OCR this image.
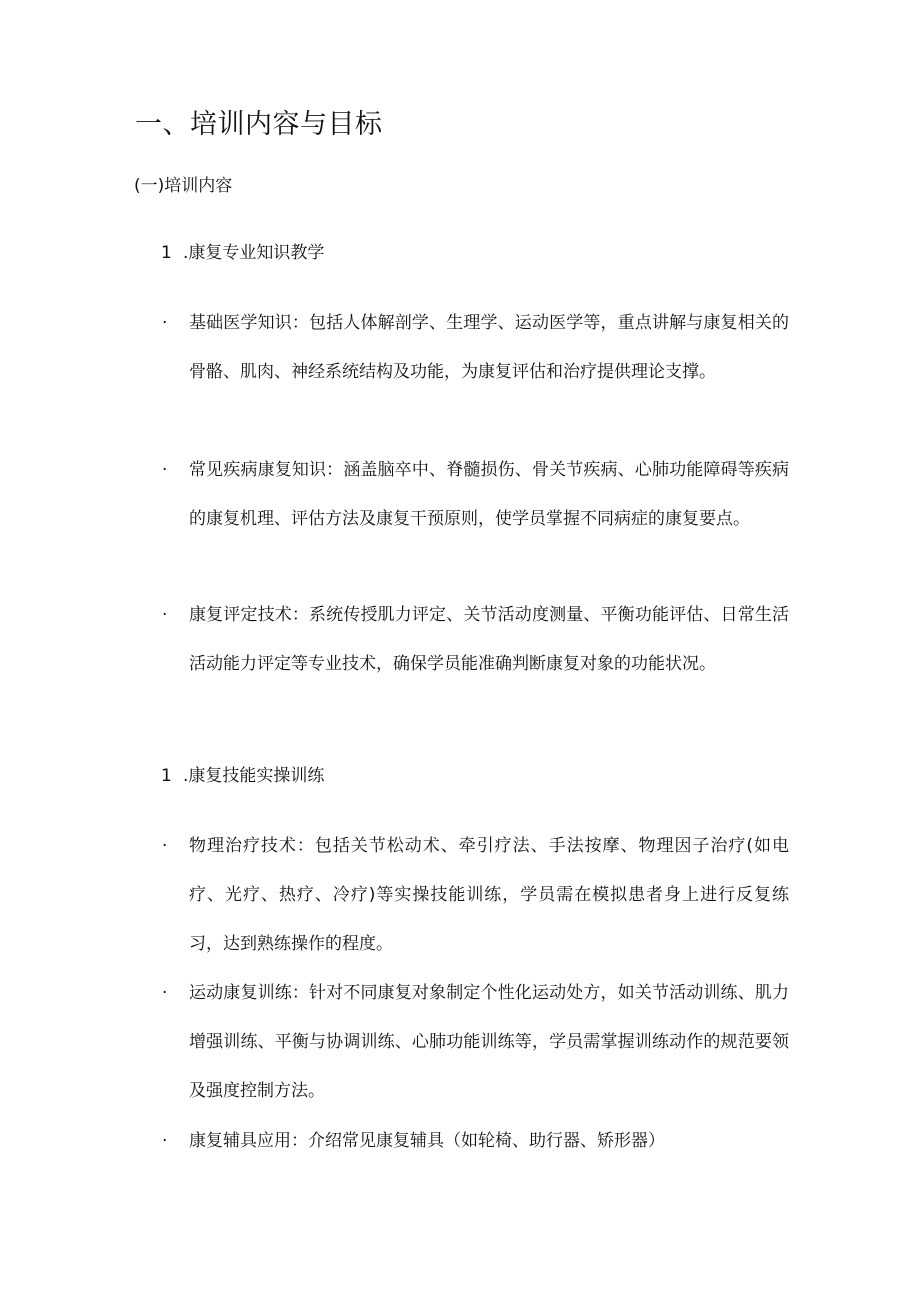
一、培训内容与目标
(一)培训内容
1 .康复专业知识教学
· 基础医学知识：包括人体解剖学、生理学、运动医学等，重点讲解与康复相关的骨骼、肌肉、神经系统结构及功能，为康复评估和治疗提供理论支撑。
· 常见疾病康复知识：涵盖脑卒中、脊髓损伤、骨关节疾病、心肺功能障碍等疾病的康复机理、评估方法及康复干预原则，使学员掌握不同病症的康复要点。
· 康复评定技术：系统传授肌力评定、关节活动度测量、平衡功能评估、日常生活活动能力评定等专业技术，确保学员能准确判断康复对象的功能状况。
1 .康复技能实操训练
· 物理治疗技术：包括关节松动术、牵引疗法、手法按摩、物理因子治疗(如电疗、光疗、热疗、冷疗)等实操技能训练，学员需在模拟患者身上进行反复练习，达到熟练操作的程度。
· 运动康复训练：针对不同康复对象制定个性化运动处方，如关节活动训练、肌力增强训练、平衡与协调训练、心肺功能训练等，学员需掌握训练动作的规范要领及强度控制方法。
· 康复辅具应用：介绍常见康复辅具（如轮椅、助行器、矫形器）
